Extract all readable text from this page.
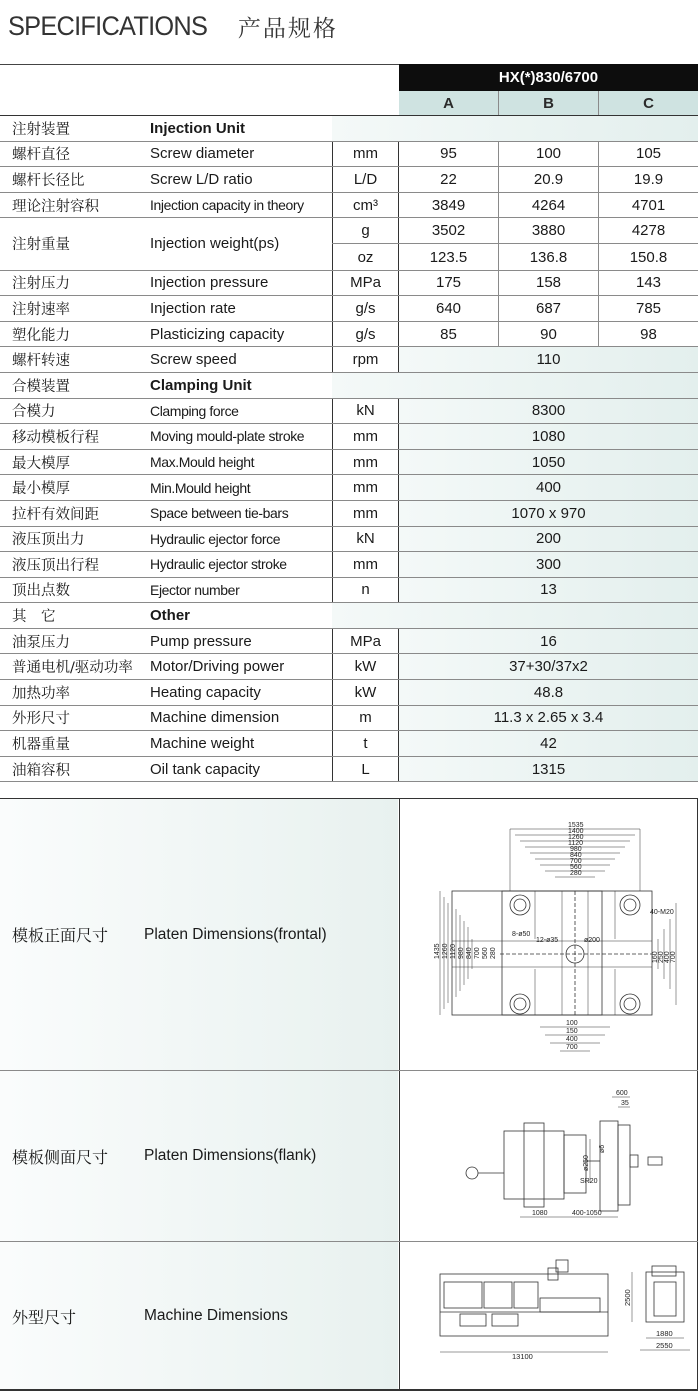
SPECIFICATIONS 产品规格
HX(*)830/6700
A	B	C
注射装置	Injection Unit
螺杆直径	Screw diameter	mm	95	100	105
螺杆长径比	Screw L/D ratio	L/D	22	20.9	19.9
理论注射容积	Injection capacity in theory	cm³	3849	4264	4701
注射重量	Injection weight(ps)
g	3502	3880	4278
oz	123.5	136.8	150.8
注射压力	Injection pressure	MPa	175	158	143
注射速率	Injection rate	g/s	640	687	785
塑化能力	Plasticizing capacity	g/s	85	90	98
螺杆转速	Screw speed	rpm	110
合模装置	Clamping Unit
合模力	Clamping force	kN	8300
移动模板行程	Moving mould-plate stroke	mm	1080
最大模厚	Max.Mould height	mm	1050
最小模厚	Min.Mould height	mm	400
拉杆有效间距	Space between tie-bars	mm	1070 x 970
液压顶出力	Hydraulic ejector force	kN	200
液压顶出行程	Hydraulic ejector stroke	mm	300
顶出点数	Ejector number	n	13
其　它	Other
油泵压力	Pump pressure	MPa	16
普通电机/驱动功率	Motor/Driving power	kW	37+30/37x2
加热功率	Heating capacity	kW	48.8
外形尺寸	Machine dimension	m	11.3 x 2.65 x 3.4
机器重量	Machine weight	t	42
油箱容积	Oil tank capacity	L	1315
模板正面尺寸	Platen Dimensions(frontal)
1535
1400
1260
1120
980
840
700
560
280
40-M20
8-ø50
12-ø35	ø200
100
150
400
700
1435 1260 1120 980 840 700 560 280	160 250 400 700
模板侧面尺寸	Platen Dimensions(flank)
600
35
ø250
ø6
SR20
1080	400-1050
外型尺寸	Machine Dimensions
13100
2500
1880
2550
